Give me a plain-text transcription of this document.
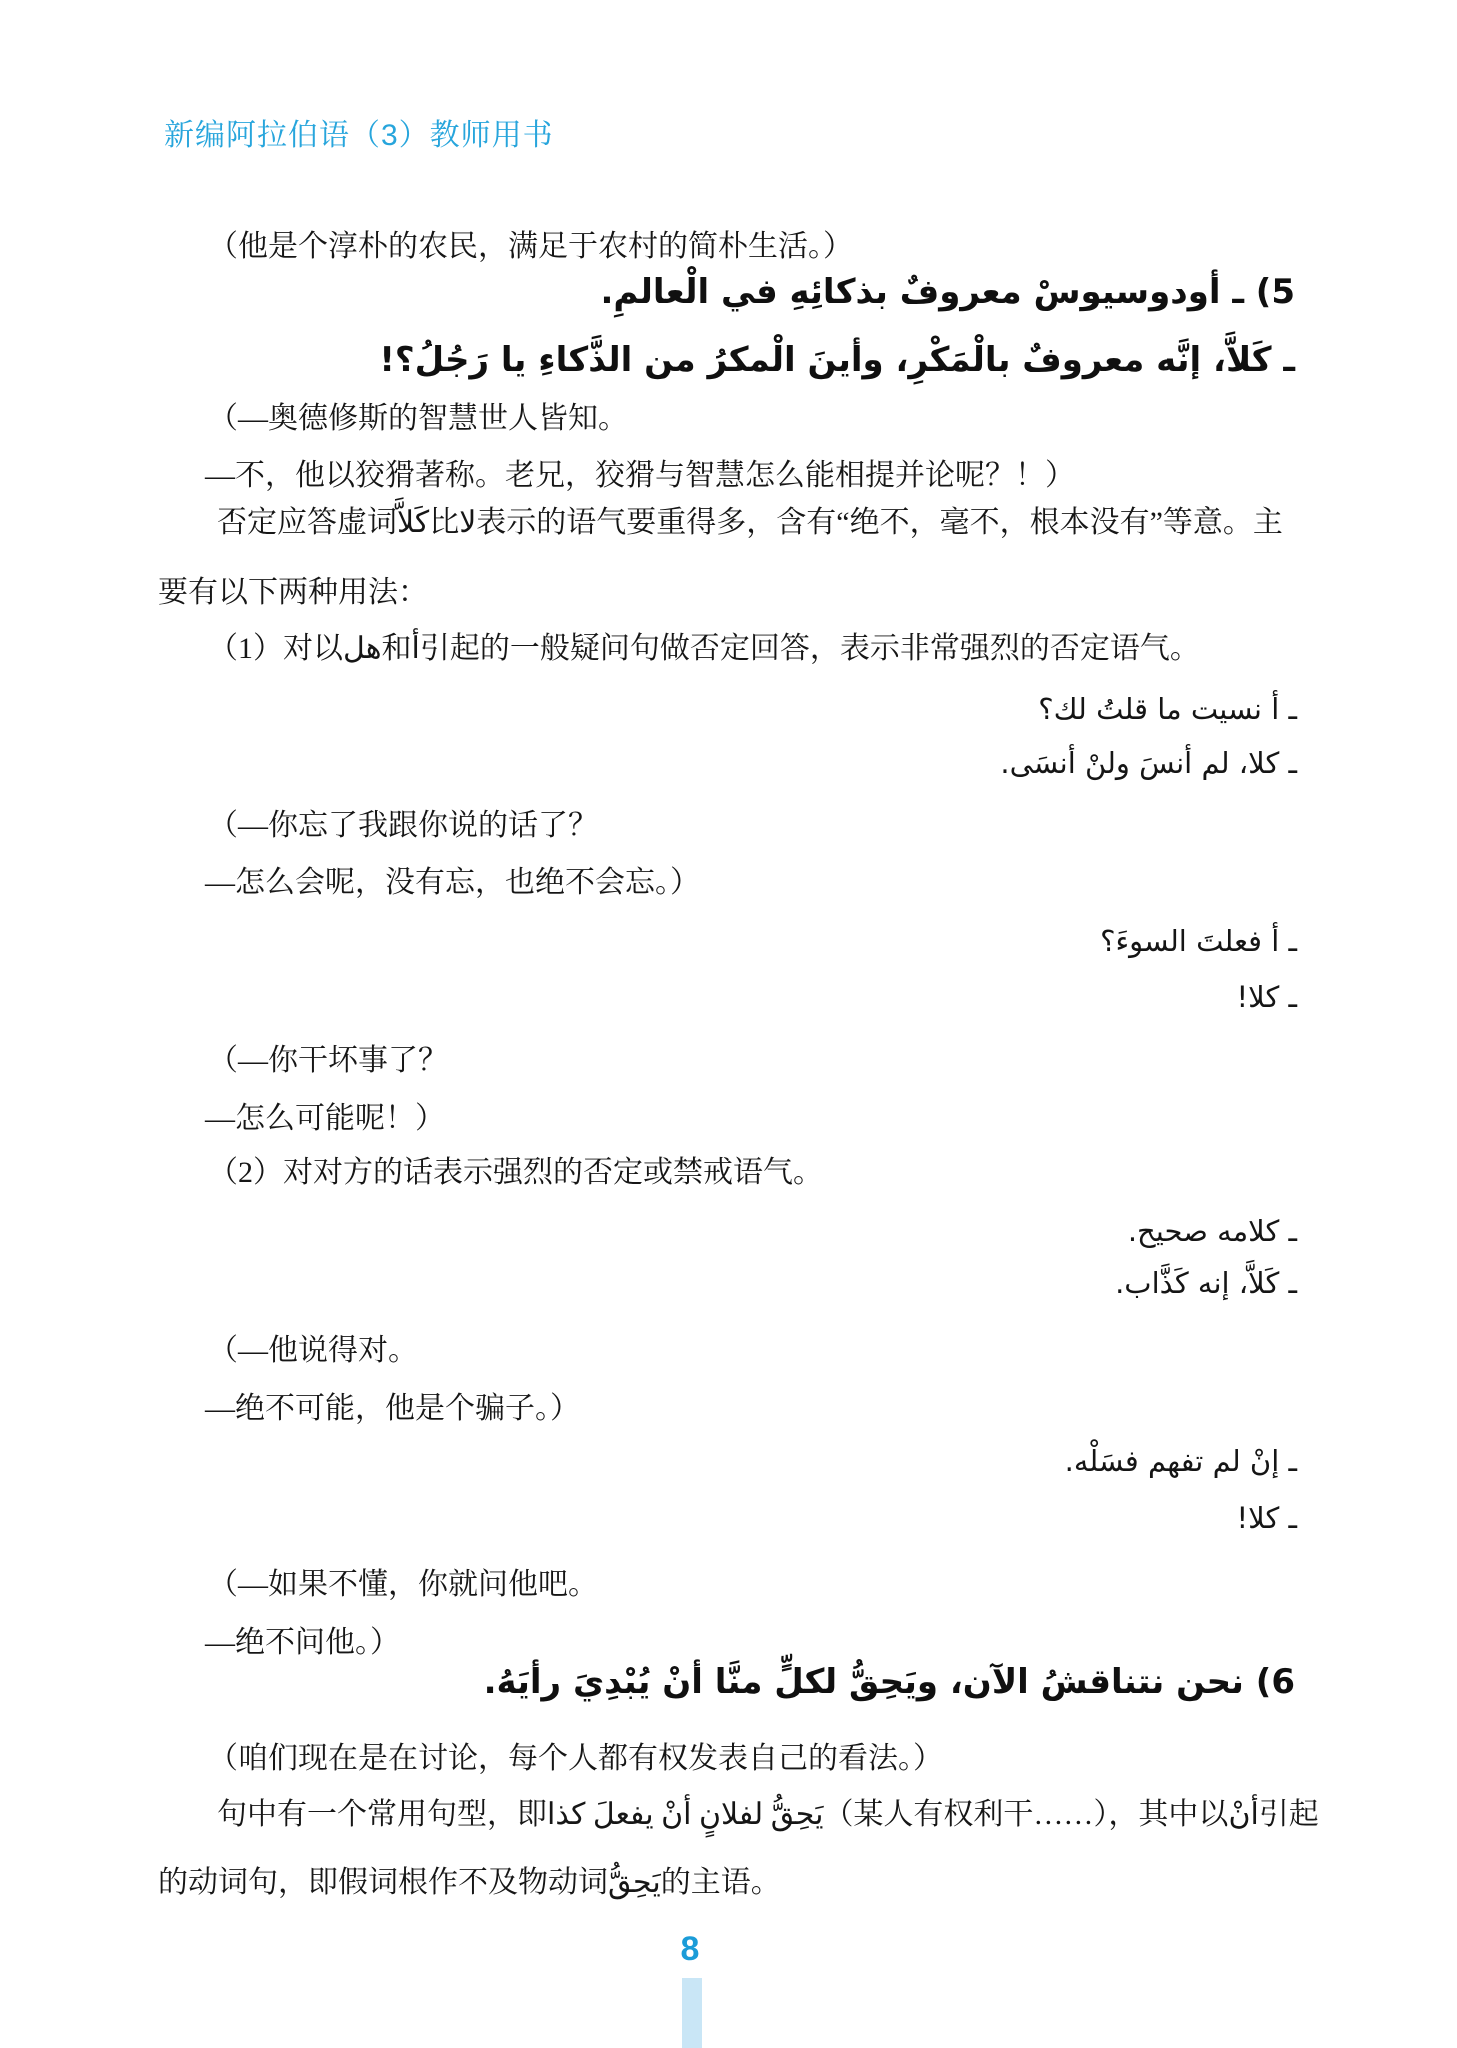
新编阿拉伯语（3）教师用书
（他是个淳朴的农民，满足于农村的简朴生活。）
5) ـ أودوسيوسْ معروفٌ بذكائِهِ في الْعالمِ.
ـ كَلاَّ، إنَّه معروفٌ بالْمَكْرِ، وأينَ الْمكرُ من الذَّكاءِ يا رَجُلُ؟!
（—奥德修斯的智慧世人皆知。
—不，他以狡猾著称。老兄，狡猾与智慧怎么能相提并论呢？！）
否定应答虚词كَلاَّ比لا表示的语气要重得多，含有“绝不，毫不，根本没有”等意。主
要有以下两种用法：
（1）对以هل和أ引起的一般疑问句做否定回答，表示非常强烈的否定语气。
ـ أ نسيت ما قلتُ لك؟
ـ كلا، لم أنسَ ولنْ أنسَى.
（—你忘了我跟你说的话了？
—怎么会呢，没有忘，也绝不会忘。）
ـ أ فعلتَ السوءَ؟
ـ كلا!
（—你干坏事了？
—怎么可能呢！）
（2）对对方的话表示强烈的否定或禁戒语气。
ـ كلامه صحيح.
ـ كَلاَّ، إنه كَذَّاب.
（—他说得对。
—绝不可能，他是个骗子。）
ـ إنْ لم تفهم فسَلْه.
ـ كلا!
（—如果不懂，你就问他吧。
—绝不问他。）
6) نحن نتناقشُ الآن، ويَحِقُّ لكلٍّ منَّا أنْ يُبْدِيَ رأيَهُ.
（咱们现在是在讨论，每个人都有权发表自己的看法。）
句中有一个常用句型，即يَحِقُّ لفلانٍ أنْ يفعلَ كذا（某人有权利干……），其中以أنْ引起
的动词句，即假词根作不及物动词يَحِقُّ的主语。
8
